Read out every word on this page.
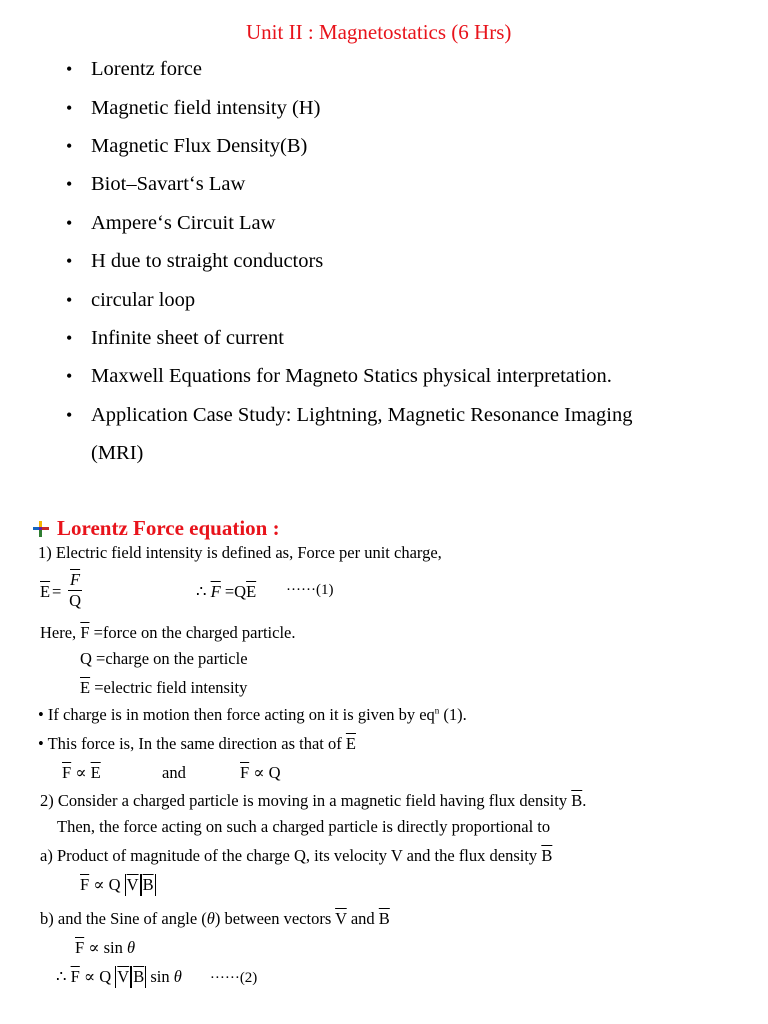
Unit II : Magnetostatics (6 Hrs)
• Lorentz force
• Magnetic field intensity (H)
• Magnetic Flux Density(B)
• Biot–Savart‘s Law
• Ampere‘s Circuit Law
• H due to straight conductors
• circular loop
• Infinite sheet of current
• Maxwell Equations for Magneto Statics physical interpretation.
• Application Case Study: Lightning, Magnetic Resonance Imaging
(MRI)
Lorentz Force equation :
1) Electric field intensity is defined as, Force per unit charge,
$\overline{E} = \frac{\overline{F}}{Q}$	∴ $\overline{F} =Q\overline{E} \cdot\cdot\cdot\cdot\cdot\cdot(1)$
Here, $\overline{F}$ =force on the charged particle.
Q =charge on the particle
$\overline{E}$ =electric field intensity
• If charge is in motion then force acting on it is given by $eq^n$ (1).
• This force is, In the same direction as that of $\overline{E}$
$\overline{F} \propto \overline{E}$	and	$\overline{F} \propto Q$
2) Consider a charged particle is moving in a magnetic field having flux density $\overline{B}$.
Then, the force acting on such a charged particle is directly proportional to
a) Product of magnitude of the charge Q, its velocity V and the flux density $\overline{B}$
$\overline{F} \propto Q$ $\overline{V}$ $\overline{B}$
b) and the Sine of angle (θ) between vectors $\overline{V}$ and $\overline{B}$
$\overline{F} \propto \sin \theta$
∴ $\overline{F} \propto Q$ $\overline{V}$ $\overline{B}$ sin θ ······(2)
